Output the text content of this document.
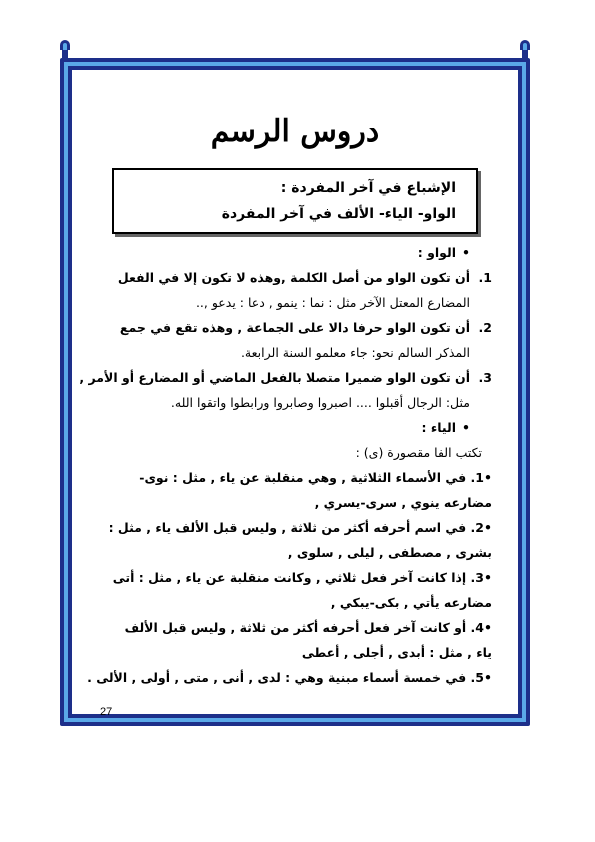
دروس الرسم
الإشباع في آخر المفردة :
الواو- الياء- الألف في آخر المفردة
• الواو :
1.
أن تكون الواو من أصل الكلمة ,وهذه لا تكون إلا في الفعل
المضارع المعتل الآخر مثل : نما : ينمو , دعا : يدعو ,..
2.
أن تكون الواو حرفا دالا على الجماعة , وهذه تقع في جمع
المذكر السالم نحو: جاء معلمو السنة الرابعة.
3.
أن تكون الواو ضميرا متصلا بالفعل الماضي أو المضارع أو الأمر ,
مثل: الرجال أقبلوا .... اصبروا وصابروا ورابطوا واتقوا الله.
• الياء :
تكتب الفا مقصورة (ى) :
•1. في الأسماء الثلاثية , وهي منقلبة عن ياء , مثل : نوى-
مضارعه ينوي , سرى-يسري ,
•2. في اسم أحرفه أكثر من ثلاثة , وليس قبل الألف ياء , مثل :
بشرى , مصطفى , ليلى , سلوى ,
•3. إذا كانت آخر فعل ثلاثي , وكانت منقلبة عن ياء , مثل : أتى
مضارعه يأتي , بكى-يبكي ,
•4. أو كانت آخر فعل أحرفه أكثر من ثلاثة , وليس قبل الألف
ياء , مثل : أبدى , أجلى , أعطى
•5. في خمسة أسماء مبنية وهي : لدى , أنى , متى , أولى , الألى .
27
